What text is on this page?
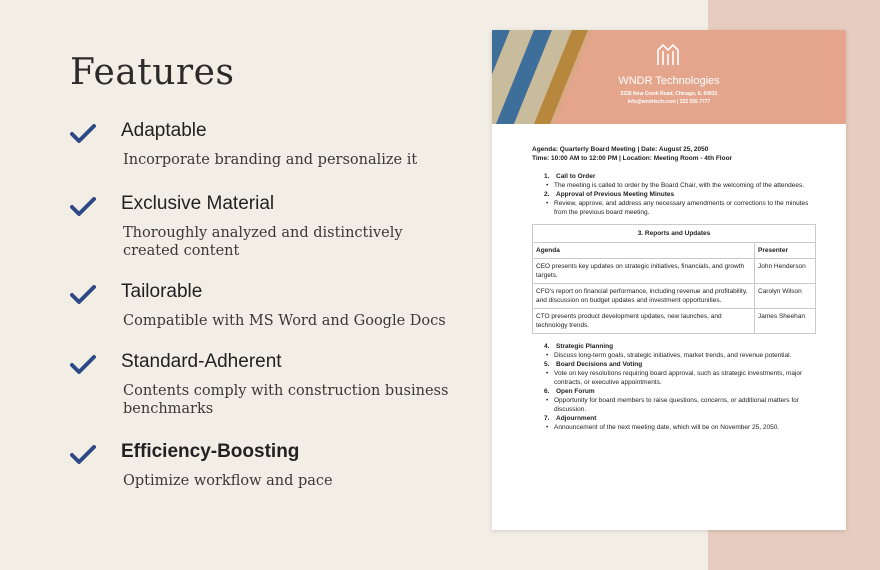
Features
Adaptable
Incorporate branding and personalize it
Exclusive Material
Thoroughly analyzed and distinctively created content
Tailorable
Compatible with MS Word and Google Docs
Standard-Adherent
Contents comply with construction business benchmarks
Efficiency-Boosting
Optimize workflow and pace
WNDR Technologies
2226 New Creek Road, Chicago, IL 60631
info@wndrtech.com | 222 555 7777
Agenda: Quarterly Board Meeting | Date: August 25, 2050
Time: 10:00 AM to 12:00 PM | Location: Meeting Room - 4th Floor
1. Call to Order
• The meeting is called to order by the Board Chair, with the welcoming of the attendees.
2. Approval of Previous Meeting Minutes
• Review, approve, and address any necessary amendments or corrections to the minutes from the previous board meeting.
3. Reports and Updates	
Agenda	Presenter
CEO presents key updates on strategic initiatives, financials, and growth targets.	John Henderson
CFO's report on financial performance, including revenue and profitability, and discussion on budget updates and investment opportunities.	Carolyn Wilson
CTO presents product development updates, new launches, and technology trends.	James Sheehan
4. Strategic Planning
• Discuss long-term goals, strategic initiatives, market trends, and revenue potential.
5. Board Decisions and Voting
• Vote on key resolutions requiring board approval, such as strategic investments, major contracts, or executive appointments.
6. Open Forum
• Opportunity for board members to raise questions, concerns, or additional matters for discussion.
7. Adjournment
• Announcement of the next meeting date, which will be on November 25, 2050.
